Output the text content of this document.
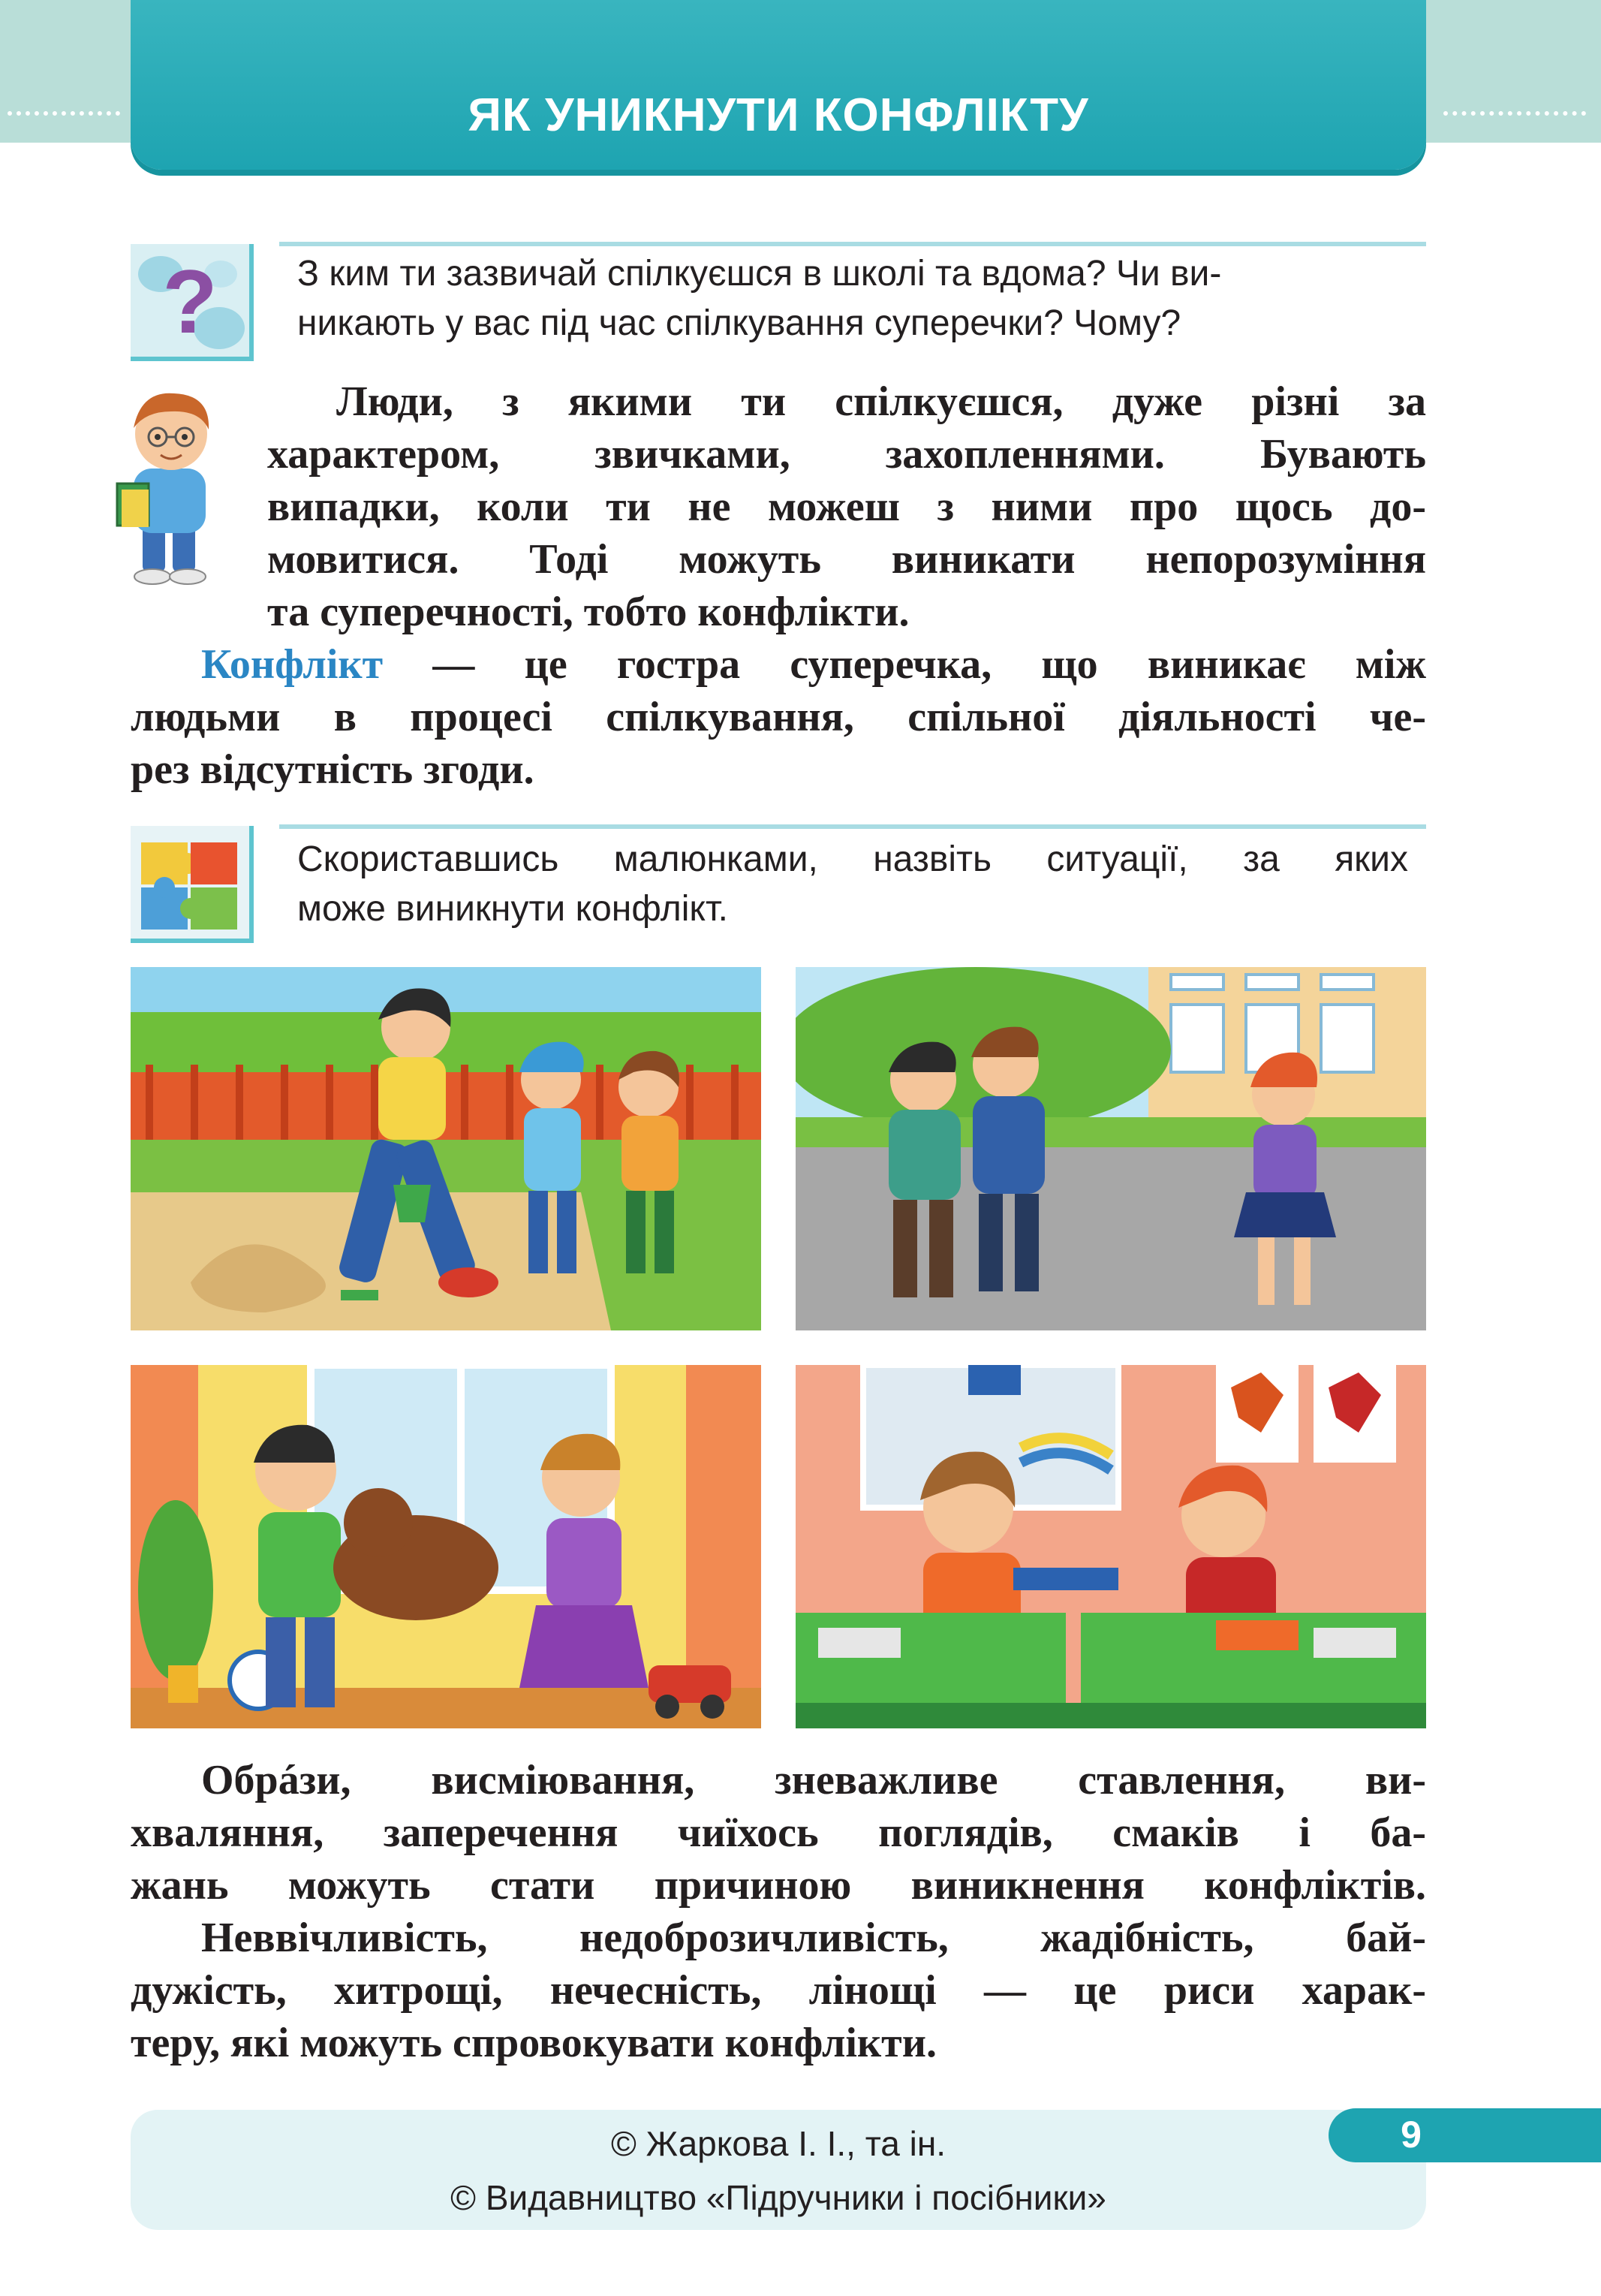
ЯК УНИКНУТИ КОНФЛІКТУ
? З ким ти зазвичай спілкуєшся в школі та вдома? Чи ви-
никають у вас під час спілкування суперечки? Чому?
Люди, з якими ти спілкуєшся, дуже різні за
характером, звичками, захопленнями. Бувають
випадки, коли ти не можеш з ними про щось до-
мовитися. Тоді можуть виникати непорозуміння
та суперечності, тобто конфлікти.
Конфлікт — це гостра суперечка, що виникає між
людьми в процесі спілкування, спільної діяльності че-
рез відсутність згоди.
Скориставшись малюнками, назвіть ситуації, за яких
може виникнути конфлікт.
Обрáзи, висміювання, зневажливе ставлення, ви-
хваляння, заперечення чиїхось поглядів, смаків і ба-
жань можуть стати причиною виникнення конфліктів.
Неввічливість, недоброзичливість, жадібність, бай-
дужість, хитрощі, нечесність, лінощі — це риси харак-
теру, які можуть спровокувати конфлікти.
© Жаркова І. І., та ін.
© Видавництво «Підручники і посібники»
9
